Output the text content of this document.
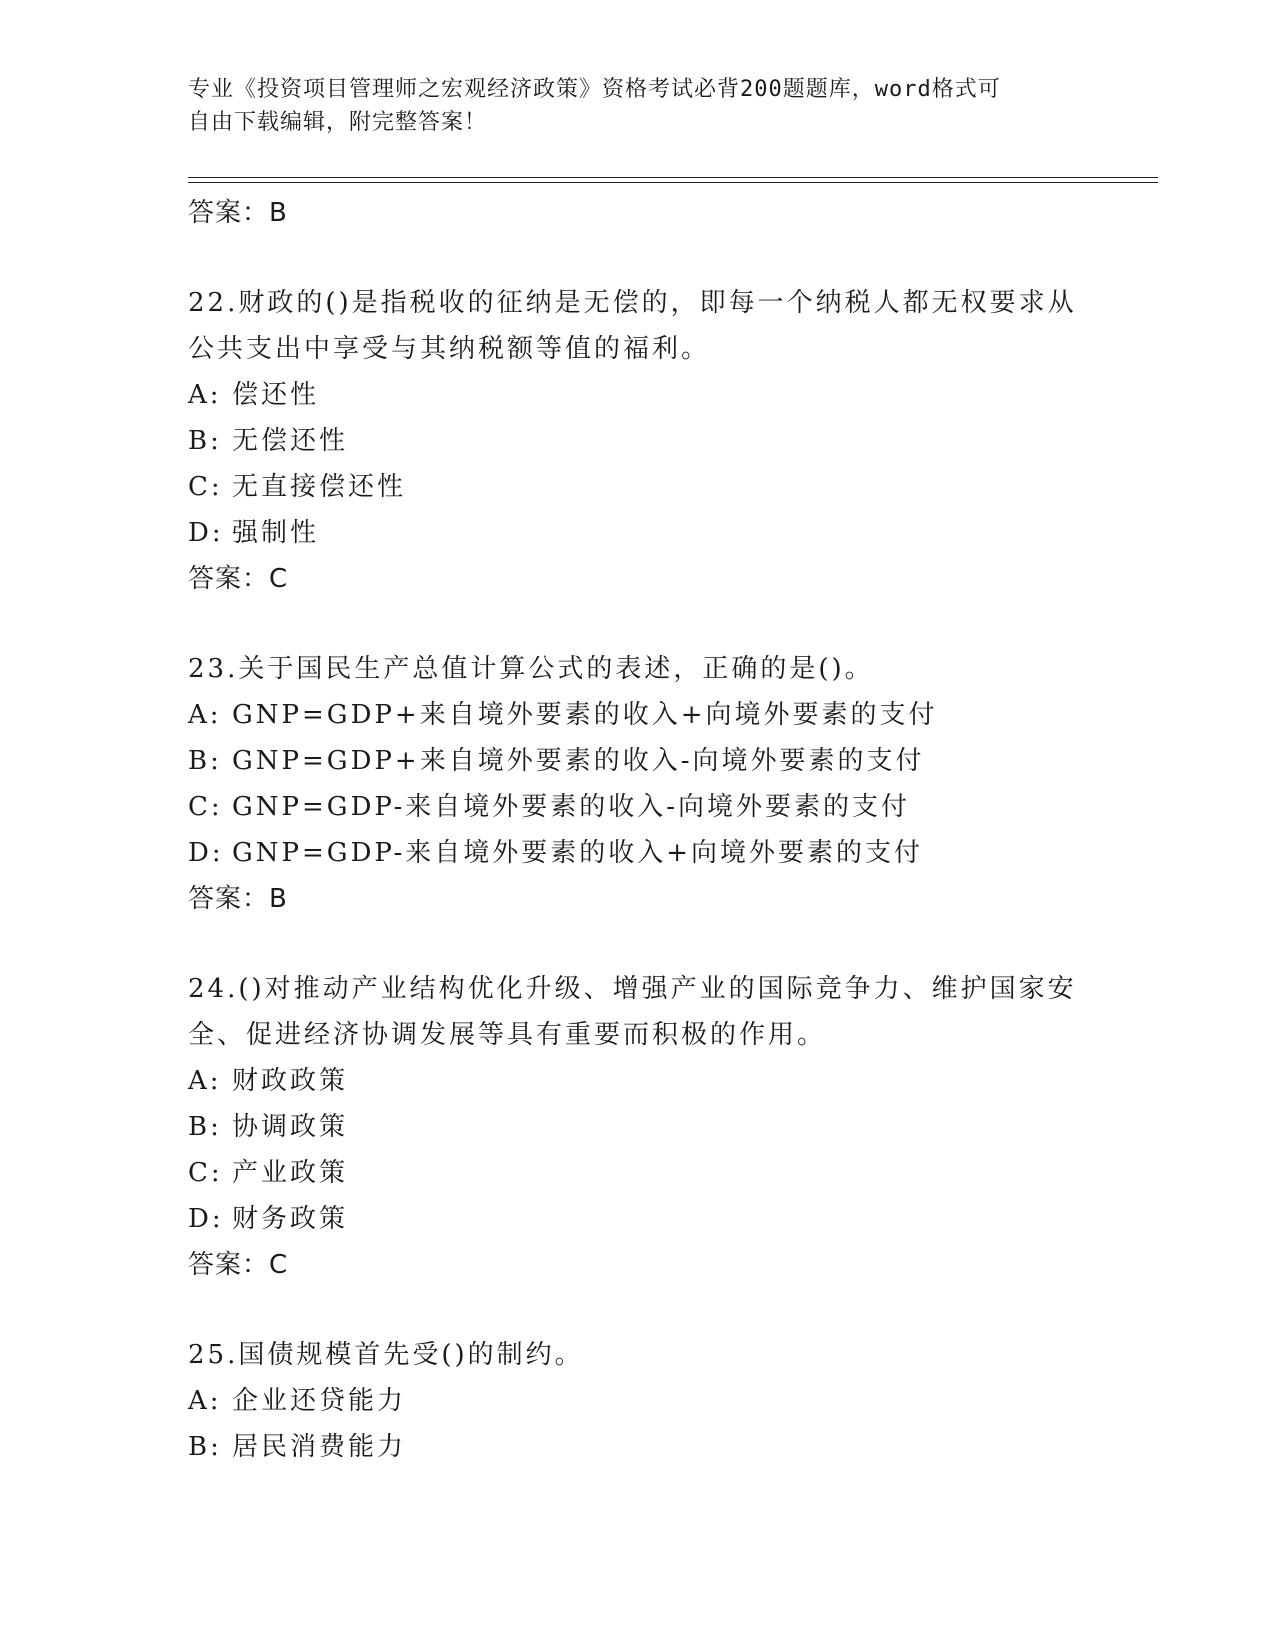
专业《投资项目管理师之宏观经济政策》资格考试必背200题题库，word格式可
自由下载编辑，附完整答案！
答案：B
22.财政的()是指税收的征纳是无偿的，即每一个纳税人都无权要求从公共支出中享受与其纳税额等值的福利。
A: 偿还性
B: 无偿还性
C: 无直接偿还性
D: 强制性
答案：C
23.关于国民生产总值计算公式的表述，正确的是()。
A: GNP=GDP+来自境外要素的收入+向境外要素的支付
B: GNP=GDP+来自境外要素的收入-向境外要素的支付
C: GNP=GDP-来自境外要素的收入-向境外要素的支付
D: GNP=GDP-来自境外要素的收入+向境外要素的支付
答案：B
24.()对推动产业结构优化升级、增强产业的国际竞争力、维护国家安全、促进经济协调发展等具有重要而积极的作用。
A: 财政政策
B: 协调政策
C: 产业政策
D: 财务政策
答案：C
25.国债规模首先受()的制约。
A: 企业还贷能力
B: 居民消费能力
